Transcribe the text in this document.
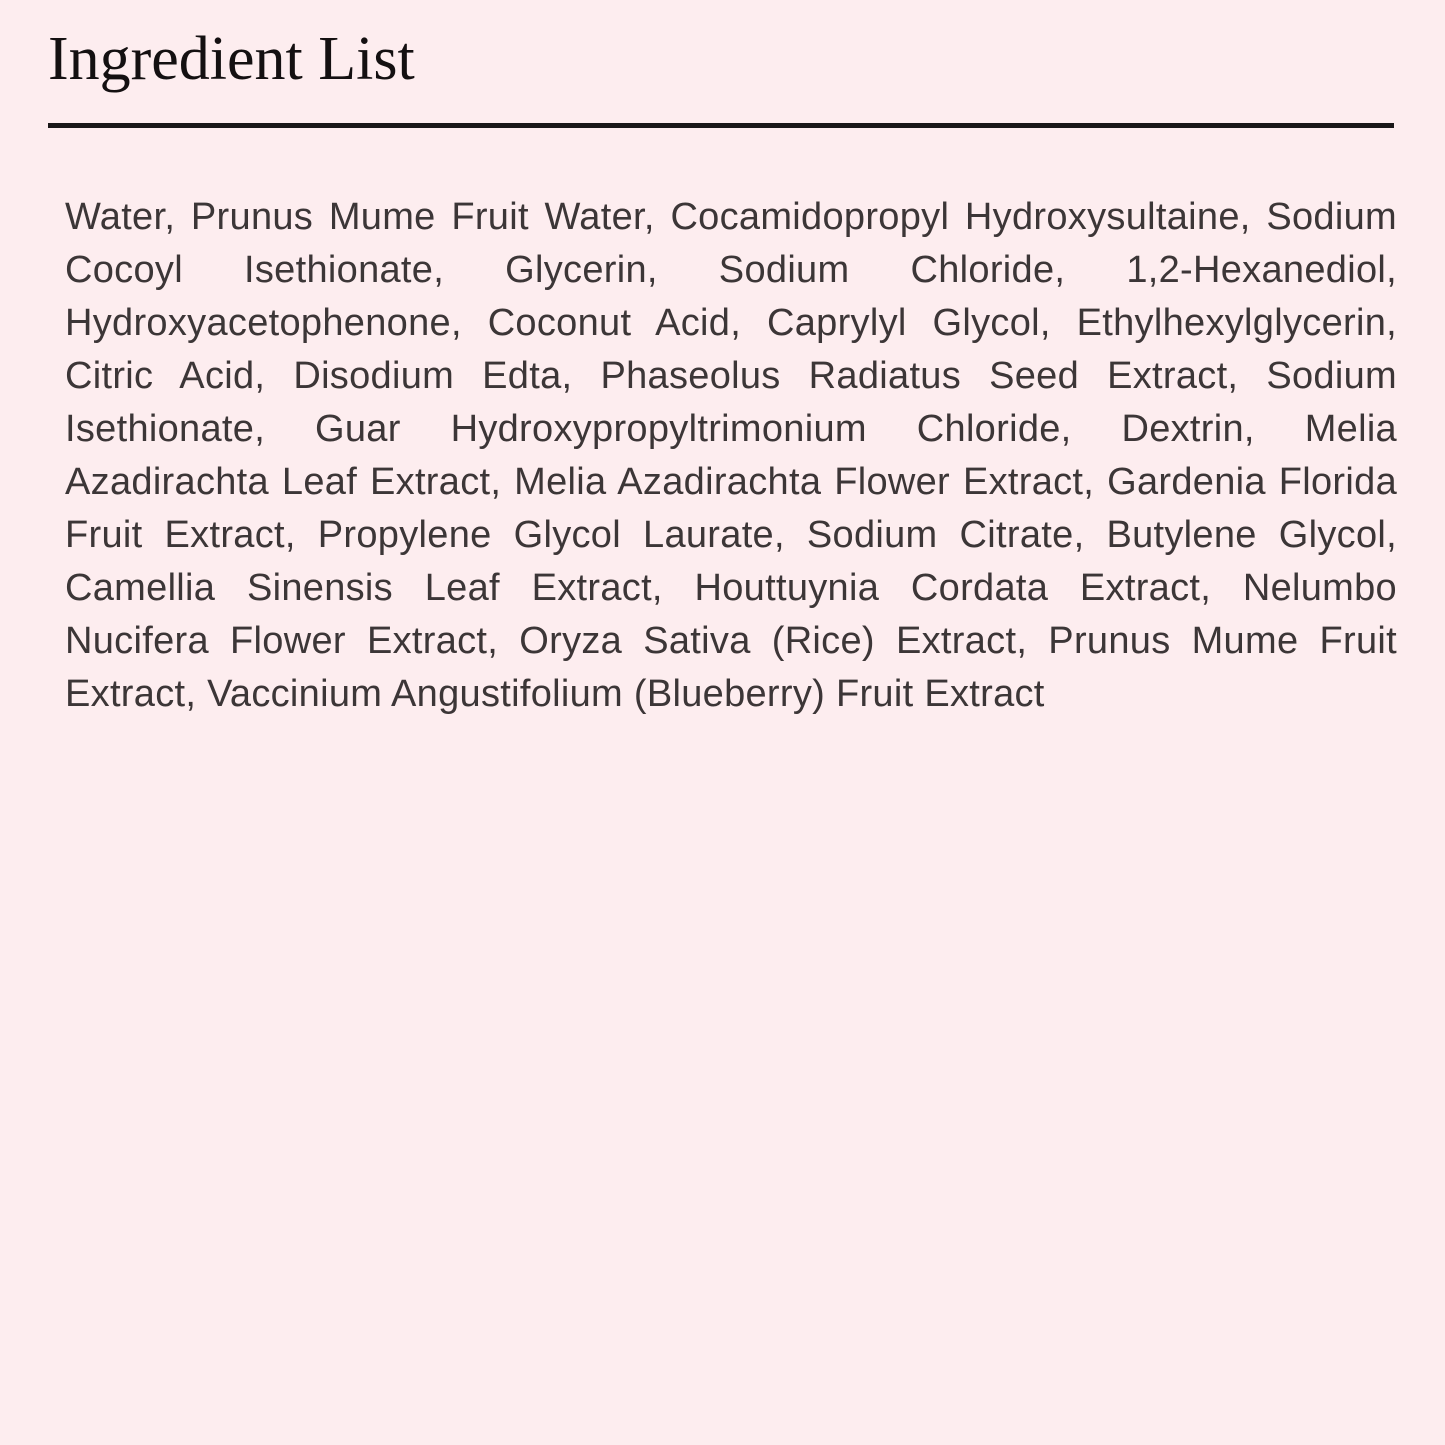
Ingredient List
Water, Prunus Mume Fruit Water, Cocamidopropyl Hydroxysultaine, Sodium
Cocoyl Isethionate, Glycerin, Sodium Chloride, 1,2-Hexanediol,
Hydroxyacetophenone, Coconut Acid, Caprylyl Glycol, Ethylhexylglycerin,
Citric Acid, Disodium Edta, Phaseolus Radiatus Seed Extract, Sodium
Isethionate, Guar Hydroxypropyltrimonium Chloride, Dextrin, Melia
Azadirachta Leaf Extract, Melia Azadirachta Flower Extract, Gardenia Florida
Fruit Extract, Propylene Glycol Laurate, Sodium Citrate, Butylene Glycol,
Camellia Sinensis Leaf Extract, Houttuynia Cordata Extract, Nelumbo
Nucifera Flower Extract, Oryza Sativa (Rice) Extract, Prunus Mume Fruit
Extract, Vaccinium Angustifolium (Blueberry) Fruit Extract
